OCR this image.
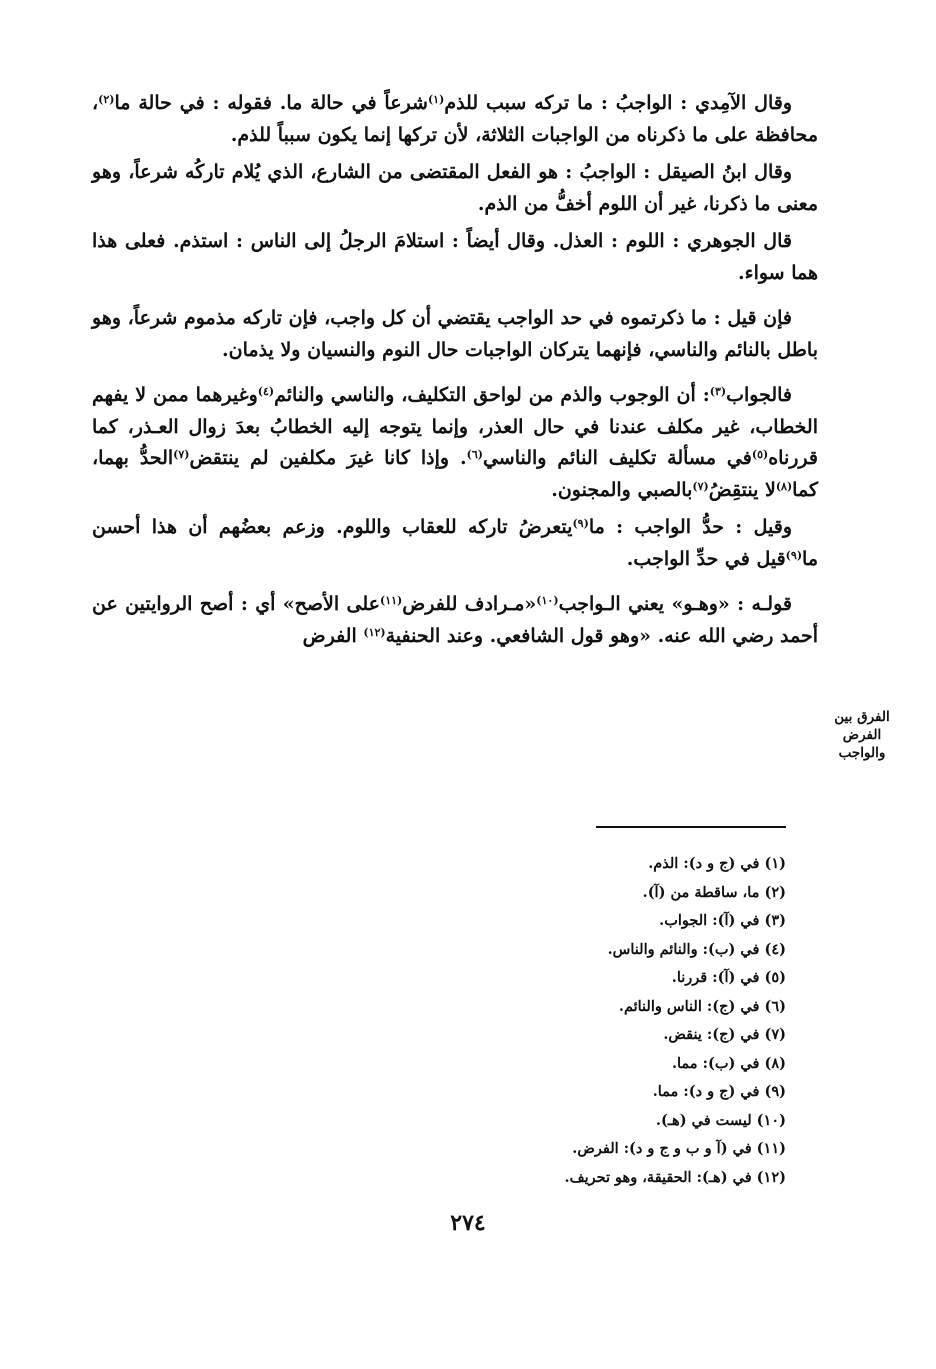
وقال الآمِدي : الواجبُ : ما تركه سبب للذم$^{(١)}$شرعاً في حالة ما. فقوله : في حالة ما$^{(٢)}$، محافظة على ما ذكرناه من الواجبات الثلاثة، لأن تركها إنما يكون سبباً للذم.

وقال ابنُ الصيقل : الواجبُ : هو الفعل المقتضى من الشارع، الذي يُلام تاركُه شرعاً، وهو معنى ما ذكرنا، غير أن اللوم أخفُّ من الذم.

قال الجوهري : اللوم : العذل. وقال أيضاً : استلامَ الرجلُ إلى الناس : استذم. فعلى هذا هما سواء.

فإن قيل : ما ذكرتموه في حد الواجب يقتضي أن كل واجب، فإن تاركه مذموم شرعاً، وهو باطل بالنائم والناسي، فإنهما يتركان الواجبات حال النوم والنسيان ولا يذمان.

فالجواب$^{(٣)}$: أن الوجوب والذم من لواحق التكليف، والناسي والنائم$^{(٤)}$وغيرهما ممن لا يفهم الخطاب، غير مكلف عندنا في حال العذر، وإنما يتوجه إليه الخطابُ بعدَ زوال العـذر، كما قررناه$^{(٥)}$في مسألة تكليف النائم والناسي$^{(٦)}$. وإذا كانا غيرَ مكلفين لم ينتقض$^{(٧)}$الحدُّ بهما، كما$^{(٨)}$لا ينتقِضُ$^{(٧)}$بالصبي والمجنون.

وقيل : حدُّ الواجب : ما$^{(٩)}$يتعرضُ تاركه للعقاب واللوم. وزعم بعضُهم أن هذا أحسن ما$^{(٩)}$قيل في حدِّ الواجب.

قولـه : «وهـو» يعني الـواجب$^{(١٠)}$«مـرادف للفرض$^{(١١)}$على الأصح» أي : أصح الروايتين عن أحمد رضي الله عنه. «وهو قول الشافعي. وعند الحنفية$^{(١٢)}$ الفرض

الفرق بين الفرض والواجب
(١) في (ج و د): الذم.
(٢) ما، ساقطة من (آ).
(٣) في (آ): الجواب.
(٤) في (ب): والنائم والناس.
(٥) في (آ): قررنا.
(٦) في (ج): الناس والنائم.
(٧) في (ج): ينقض.
(٨) في (ب): مما.
(٩) في (ج و د): مما.
(١٠) ليست في (هـ).
(١١) في (آ و ب و ج و د): الفرض.
(١٢) في (هـ): الحقيقة، وهو تحريف.
٢٧٤
